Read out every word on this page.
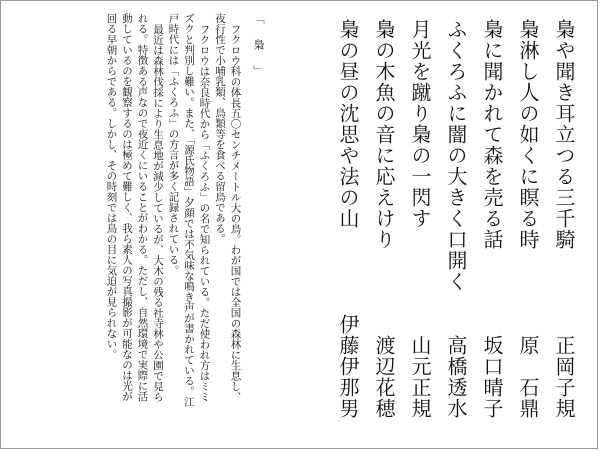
梟や聞き耳立つる三千騎
正岡子規
梟淋し人の如くに瞑る時
原　石鼎
梟に聞かれて森を売る話
坂口晴子
ふくろふに闇の大きく口開く
高橋透水
月光を蹴り梟の一閃す
山元正規
梟の木魚の音に応えけり
渡辺花穂
梟の昼の沈思や法の山
伊藤伊那男

「　梟　」

フクロウ科の体長五〇センチメートル大の鳥。わが国では全国の森林に生息し、夜行性で小哺乳類、鳥類等を食べる留鳥である。

フクロウは奈良時代から「ふくろふ」の名で知られている。ただ使われ方はミミズクと判別し難い。また、「源氏物語」夕顔では不気味な鳴き声が書かれている。江戸時代には「ふくろふ」の方言が多く記録されている。

最近は森林伐採により生息地が減少しているが、大木の残る社寺林や公園で見られる。特徴ある声なので夜近くにいることがわかる。ただし、自然環境で実際に活動しているのを観察するのは極めて難しく、我ら素人の写真撮影が可能なのは光が回る早朝からである。しかし、その時刻では鳥の目に気迫が見られない。
